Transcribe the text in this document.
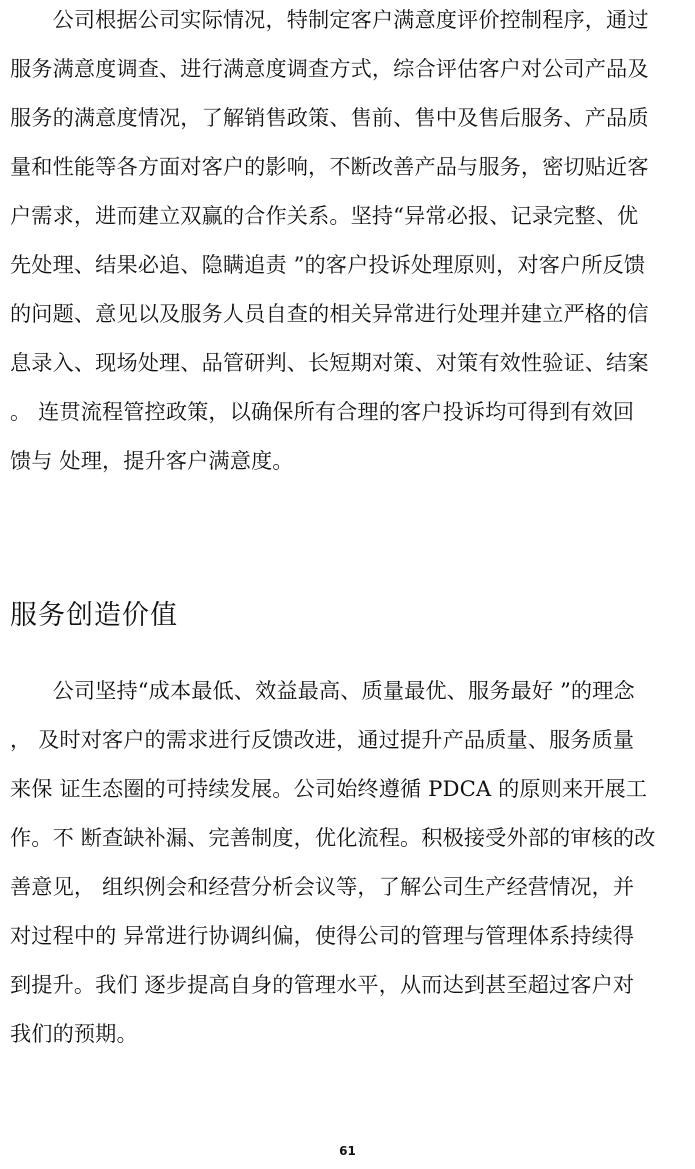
　　公司根据公司实际情况，特制定客户满意度评价控制程序，通过
服务满意度调查、进行满意度调查方式，综合评估客户对公司产品及
服务的满意度情况，了解销售政策、售前、售中及售后服务、产品质
量和性能等各方面对客户的影响，不断改善产品与服务，密切贴近客
户需求，进而建立双赢的合作关系。坚持“异常必报、记录完整、优
先处理、结果必追、隐瞒追责 ”的客户投诉处理原则，对客户所反馈
的问题、意见以及服务人员自查的相关异常进行处理并建立严格的信
息录入、现场处理、品管研判、长短期对策、对策有效性验证、结案
。 连贯流程管控政策，以确保所有合理的客户投诉均可得到有效回
馈与 处理，提升客户满意度。
服务创造价值
　　公司坚持“成本最低、效益最高、质量最优、服务最好 ”的理念
， 及时对客户的需求进行反馈改进，通过提升产品质量、服务质量
来保 证生态圈的可持续发展。公司始终遵循 PDCA 的原则来开展工
作。不 断查缺补漏、完善制度，优化流程。积极接受外部的审核的改
善意见， 组织例会和经营分析会议等，了解公司生产经营情况，并
对过程中的 异常进行协调纠偏，使得公司的管理与管理体系持续得
到提升。我们 逐步提高自身的管理水平，从而达到甚至超过客户对
我们的预期。
61
